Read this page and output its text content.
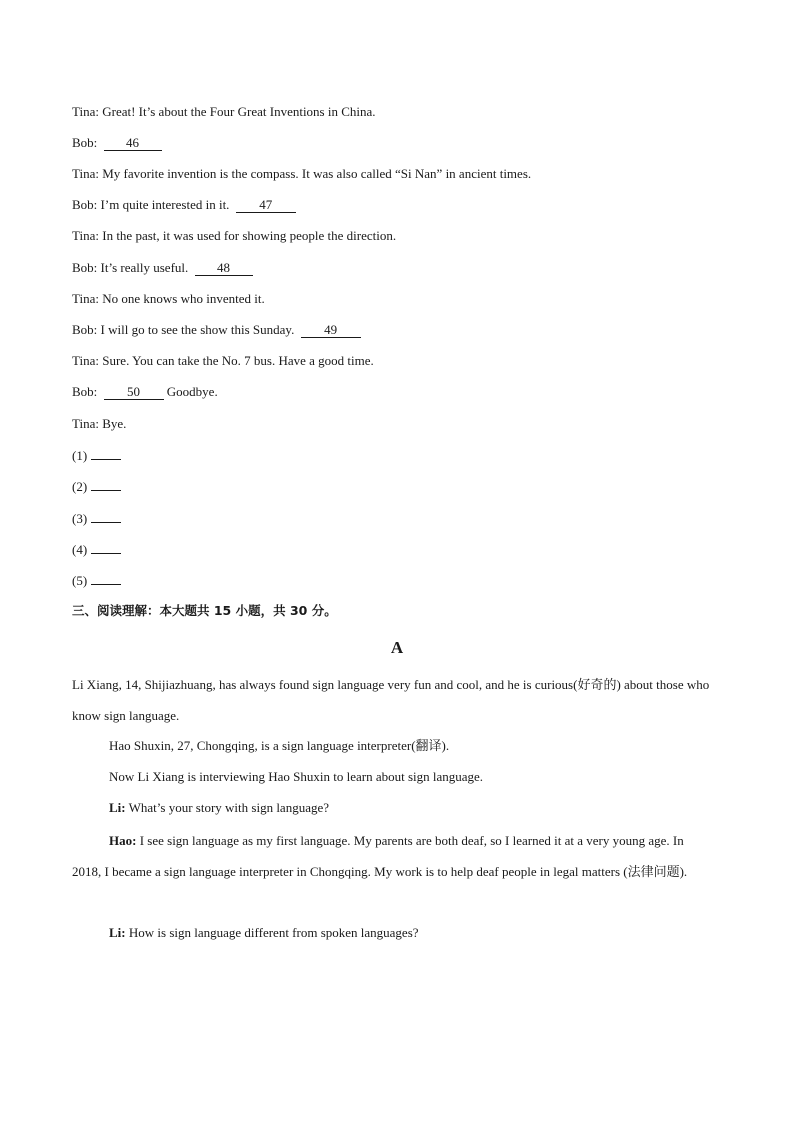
Tina: Great! It’s about the Four Great Inventions in China.
Bob: 46
Tina: My favorite invention is the compass. It was also called “Si Nan” in ancient times.
Bob: I’m quite interested in it. 47
Tina: In the past, it was used for showing people the direction.
Bob: It’s really useful. 48
Tina: No one knows who invented it.
Bob: I will go to see the show this Sunday. 49
Tina: Sure. You can take the No. 7 bus. Have a good time.
Bob: 50 Goodbye.
Tina: Bye.
(1)
(2)
(3)
(4)
(5)
三、阅读理解：本大题共 15 小题，共 30 分。
A
Li Xiang, 14, Shijiazhuang, has always found sign language very fun and cool, and he is curious(好奇的) about those who know sign language.
Hao Shuxin, 27, Chongqing, is a sign language interpreter(翻译).
Now Li Xiang is interviewing Hao Shuxin to learn about sign language.
Li: What’s your story with sign language?
Hao: I see sign language as my first language. My parents are both deaf, so I learned it at a very young age. In 2018, I became a sign language interpreter in Chongqing. My work is to help deaf people in legal matters (法律问题).
Li: How is sign language different from spoken languages?
